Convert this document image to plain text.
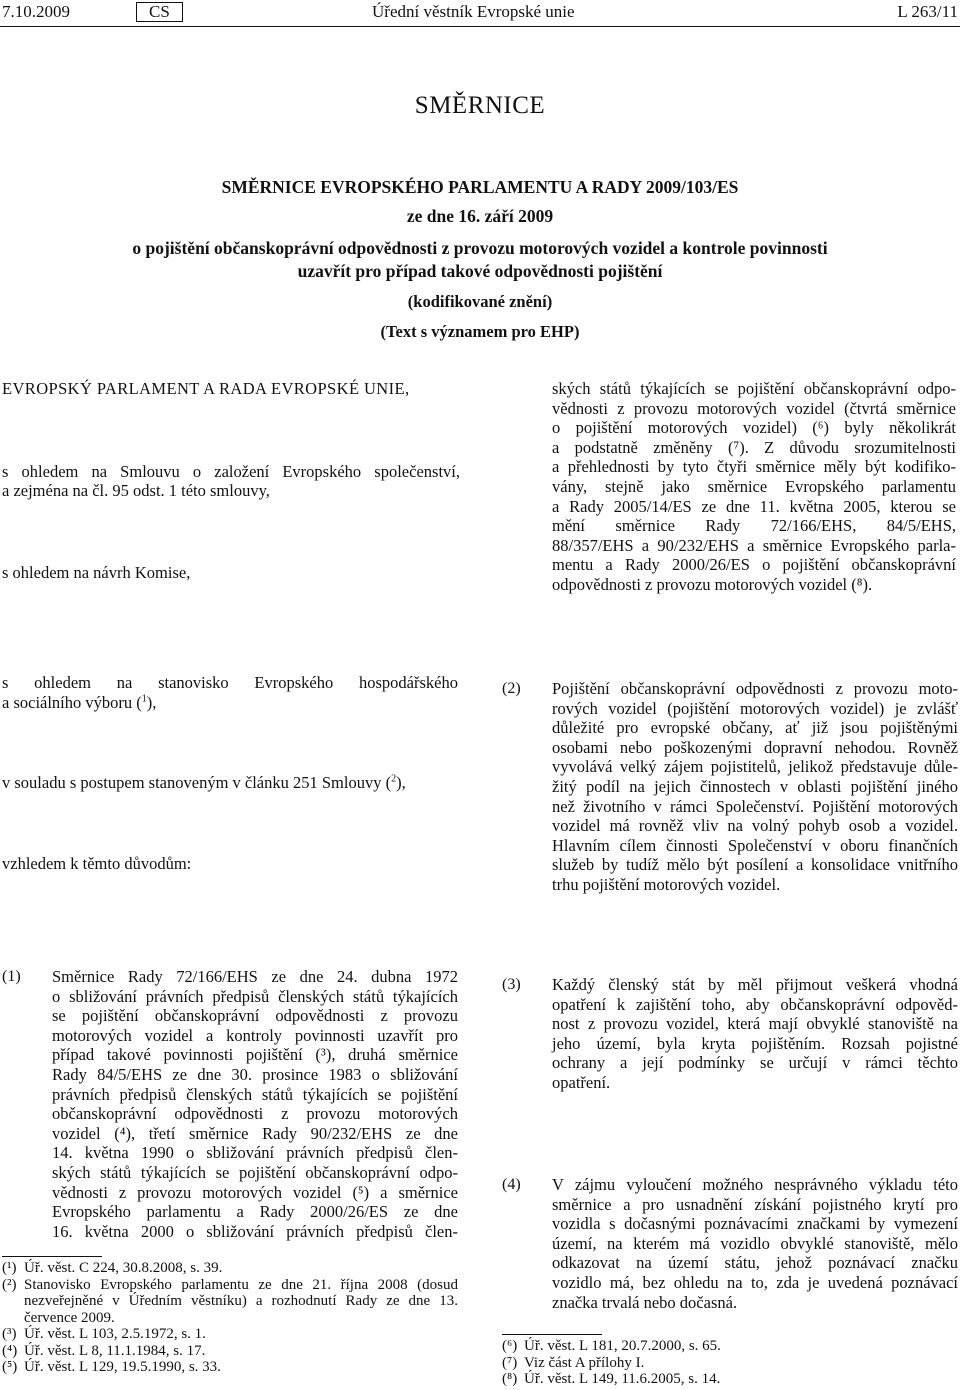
7.10.2009	CS	Úřední věstník Evropské unie	L 263/11
SMĚRNICE
SMĚRNICE EVROPSKÉHO PARLAMENTU A RADY 2009/103/ES
ze dne 16. září 2009
o pojištění občanskoprávní odpovědnosti z provozu motorových vozidel a kontrole povinnosti
uzavřít pro případ takové odpovědnosti pojištění
(kodifikované znění)
(Text s významem pro EHP)

EVROPSKÝ PARLAMENT A RADA EVROPSKÉ UNIE,

s ohledem na Smlouvu o založení Evropského společenství,

a zejména na čl. 95 odst. 1 této smlouvy,

s ohledem na návrh Komise,

ských států týkajících se pojištění občanskoprávní odpo-
vědnosti z provozu motorových vozidel (čtvrtá směrnice
o pojištění motorových vozidel) (⁶) byly několikrát
a podstatně změněny (⁷). Z důvodu srozumitelnosti
a přehlednosti by tyto čtyři směrnice měly být kodifiko-
vány, stejně jako směrnice Evropského parlamentu
a Rady 2005/14/ES ze dne 11. května 2005, kterou se
mění směrnice Rady 72/166/EHS, 84/5/EHS,
88/357/EHS a 90/232/EHS a směrnice Evropského parla-
mentu a Rady 2000/26/ES o pojištění občanskoprávní
odpovědnosti z provozu motorových vozidel (⁸).

s ohledem na stanovisko Evropského hospodářského

a sociálního výboru ($^1$),

v souladu s postupem stanoveným v článku 251 Smlouvy ($^2$),

vzhledem k těmto důvodům:

(2) Pojištění občanskoprávní odpovědnosti z provozu moto-
rových vozidel (pojištění motorových vozidel) je zvlášť
důležité pro evropské občany, ať již jsou pojištěnými
osobami nebo poškozenými dopravní nehodou. Rovněž
vyvolává velký zájem pojistitelů, jelikož představuje důle-
žitý podíl na jejich činnostech v oblasti pojištění jiného
než životního v rámci Společenství. Pojištění motorových
vozidel má rovněž vliv na volný pohyb osob a vozidel.
Hlavním cílem činnosti Společenství v oboru finančních
služeb by tudíž mělo být posílení a konsolidace vnitřního
trhu pojištění motorových vozidel.
(1) Směrnice Rady 72/166/EHS ze dne 24. dubna 1972
o sbližování právních předpisů členských států týkajících
se pojištění občanskoprávní odpovědnosti z provozu
motorových vozidel a kontroly povinnosti uzavřít pro
případ takové povinnosti pojištění (³), druhá směrnice
Rady 84/5/EHS ze dne 30. prosince 1983 o sbližování
právních předpisů členských států týkajících se pojištění
občanskoprávní odpovědnosti z provozu motorových
vozidel (⁴), třetí směrnice Rady 90/232/EHS ze dne
14. května 1990 o sbližování právních předpisů člen-
ských států týkajících se pojištění občanskoprávní odpo-
vědnosti z provozu motorových vozidel (⁵) a směrnice
Evropského parlamentu a Rady 2000/26/ES ze dne
16. května 2000 o sbližování právních předpisů člen-
(3) Každý členský stát by měl přijmout veškerá vhodná
opatření k zajištění toho, aby občanskoprávní odpověd-
nost z provozu vozidel, která mají obvyklé stanoviště na
jeho území, byla kryta pojištěním. Rozsah pojistné
ochrany a její podmínky se určují v rámci těchto
opatření.
(4) V zájmu vyloučení možného nesprávného výkladu této
směrnice a pro usnadnění získání pojistného krytí pro
vozidla s dočasnými poznávacími značkami by vymezení
území, na kterém má vozidlo obvyklé stanoviště, mělo
odkazovat na území státu, jehož poznávací značku
vozidlo má, bez ohledu na to, zda je uvedená poznávací
značka trvalá nebo dočasná.
(¹) Úř. věst. C 224, 30.8.2008, s. 39.
(²) Stanovisko Evropského parlamentu ze dne 21. října 2008 (dosud nezveřejněné v Úředním věstníku) a rozhodnutí Rady ze dne 13. července 2009.
(³) Úř. věst. L 103, 2.5.1972, s. 1.
(⁴) Úř. věst. L 8, 11.1.1984, s. 17.
(⁵) Úř. věst. L 129, 19.5.1990, s. 33.
(⁶) Úř. věst. L 181, 20.7.2000, s. 65.
(⁷) Viz část A přílohy I.
(⁸) Úř. věst. L 149, 11.6.2005, s. 14.
